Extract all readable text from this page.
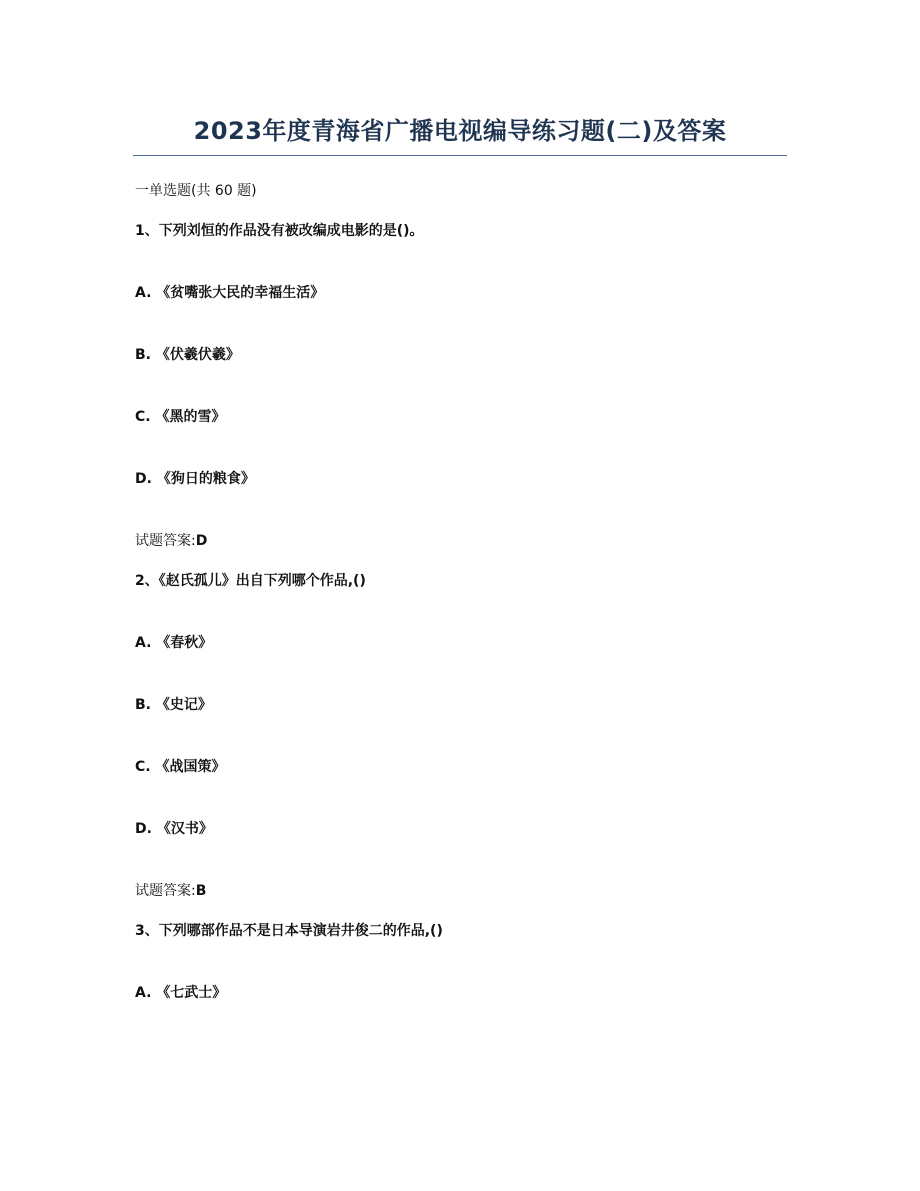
2023年度青海省广播电视编导练习题(二)及答案
一单选题(共 60 题)
1、下列刘恒的作品没有被改编成电影的是()。
A. 《贫嘴张大民的幸福生活》
B. 《伏羲伏羲》
C. 《黑的雪》
D. 《狗日的粮食》
试题答案:D
2、《赵氏孤儿》出自下列哪个作品,()
A. 《春秋》
B. 《史记》
C. 《战国策》
D. 《汉书》
试题答案:B
3、下列哪部作品不是日本导演岩井俊二的作品,()
A. 《七武士》
